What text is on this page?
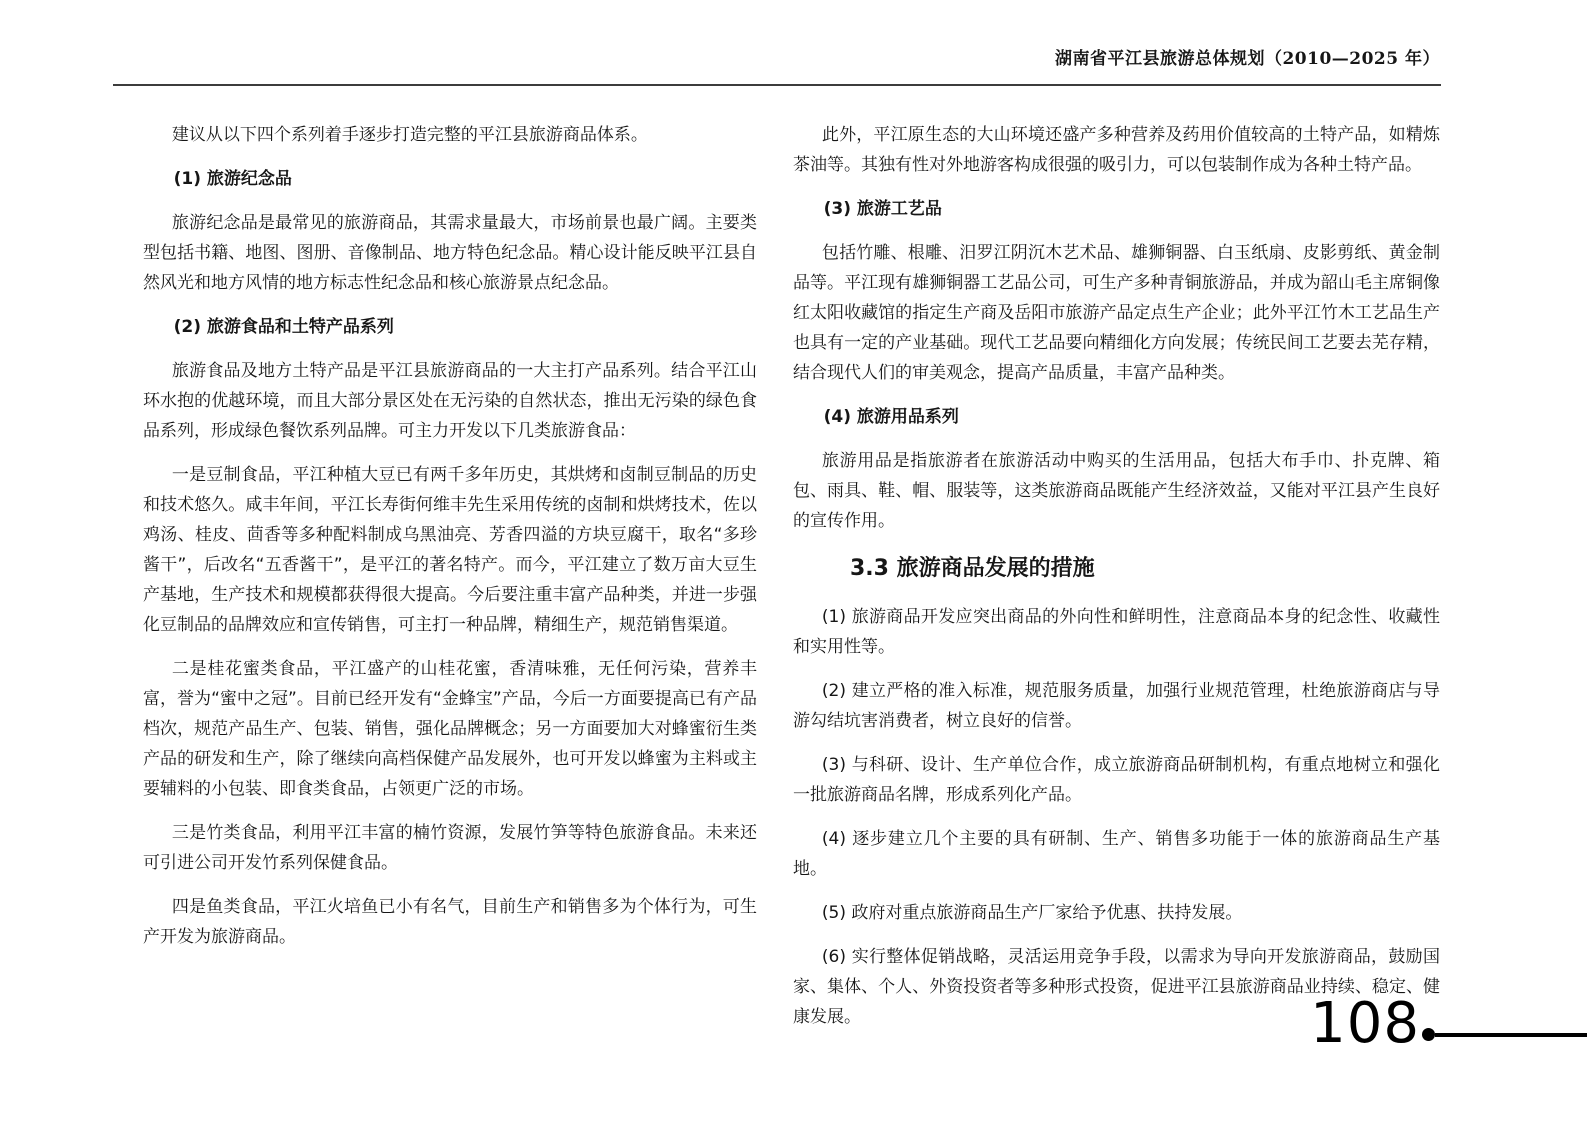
湖南省平江县旅游总体规划（2010—2025 年）

建议从以下四个系列着手逐步打造完整的平江县旅游商品体系。

(1) 旅游纪念品

旅游纪念品是最常见的旅游商品，其需求量最大，市场前景也最广阔。主要类型包括书籍、地图、图册、音像制品、地方特色纪念品。精心设计能反映平江县自然风光和地方风情的地方标志性纪念品和核心旅游景点纪念品。

(2) 旅游食品和土特产品系列

旅游食品及地方土特产品是平江县旅游商品的一大主打产品系列。结合平江山环水抱的优越环境，而且大部分景区处在无污染的自然状态，推出无污染的绿色食品系列，形成绿色餐饮系列品牌。可主力开发以下几类旅游食品：

一是豆制食品，平江种植大豆已有两千多年历史，其烘烤和卤制豆制品的历史和技术悠久。咸丰年间，平江长寿街何维丰先生采用传统的卤制和烘烤技术，佐以鸡汤、桂皮、茴香等多种配料制成乌黑油亮、芳香四溢的方块豆腐干，取名“多珍酱干”，后改名“五香酱干”，是平江的著名特产。而今，平江建立了数万亩大豆生产基地，生产技术和规模都获得很大提高。今后要注重丰富产品种类，并进一步强化豆制品的品牌效应和宣传销售，可主打一种品牌，精细生产，规范销售渠道。

二是桂花蜜类食品，平江盛产的山桂花蜜，香清味雅，无任何污染，营养丰富，誉为“蜜中之冠”。目前已经开发有“金蜂宝”产品，今后一方面要提高已有产品档次，规范产品生产、包装、销售，强化品牌概念；另一方面要加大对蜂蜜衍生类产品的研发和生产，除了继续向高档保健产品发展外，也可开发以蜂蜜为主料或主要辅料的小包装、即食类食品，占领更广泛的市场。

三是竹类食品，利用平江丰富的楠竹资源，发展竹笋等特色旅游食品。未来还可引进公司开发竹系列保健食品。

四是鱼类食品，平江火培鱼已小有名气，目前生产和销售多为个体行为，可生产开发为旅游商品。

此外，平江原生态的大山环境还盛产多种营养及药用价值较高的土特产品，如精炼茶油等。其独有性对外地游客构成很强的吸引力，可以包装制作成为各种土特产品。

(3) 旅游工艺品

包括竹雕、根雕、汨罗江阴沉木艺术品、雄狮铜器、白玉纸扇、皮影剪纸、黄金制品等。平江现有雄狮铜器工艺品公司，可生产多种青铜旅游品，并成为韶山毛主席铜像红太阳收藏馆的指定生产商及岳阳市旅游产品定点生产企业；此外平江竹木工艺品生产也具有一定的产业基础。现代工艺品要向精细化方向发展；传统民间工艺要去芜存精，结合现代人们的审美观念，提高产品质量，丰富产品种类。

(4) 旅游用品系列

旅游用品是指旅游者在旅游活动中购买的生活用品，包括大布手巾、扑克牌、箱包、雨具、鞋、帽、服装等，这类旅游商品既能产生经济效益，又能对平江县产生良好的宣传作用。

3.3 旅游商品发展的措施

(1) 旅游商品开发应突出商品的外向性和鲜明性，注意商品本身的纪念性、收藏性和实用性等。

(2) 建立严格的准入标准，规范服务质量，加强行业规范管理，杜绝旅游商店与导游勾结坑害消费者，树立良好的信誉。

(3) 与科研、设计、生产单位合作，成立旅游商品研制机构，有重点地树立和强化一批旅游商品名牌，形成系列化产品。

(4) 逐步建立几个主要的具有研制、生产、销售多功能于一体的旅游商品生产基地。

(5) 政府对重点旅游商品生产厂家给予优惠、扶持发展。

(6) 实行整体促销战略，灵活运用竞争手段，以需求为导向开发旅游商品，鼓励国家、集体、个人、外资投资者等多种形式投资，促进平江县旅游商品业持续、稳定、健康发展。	108
